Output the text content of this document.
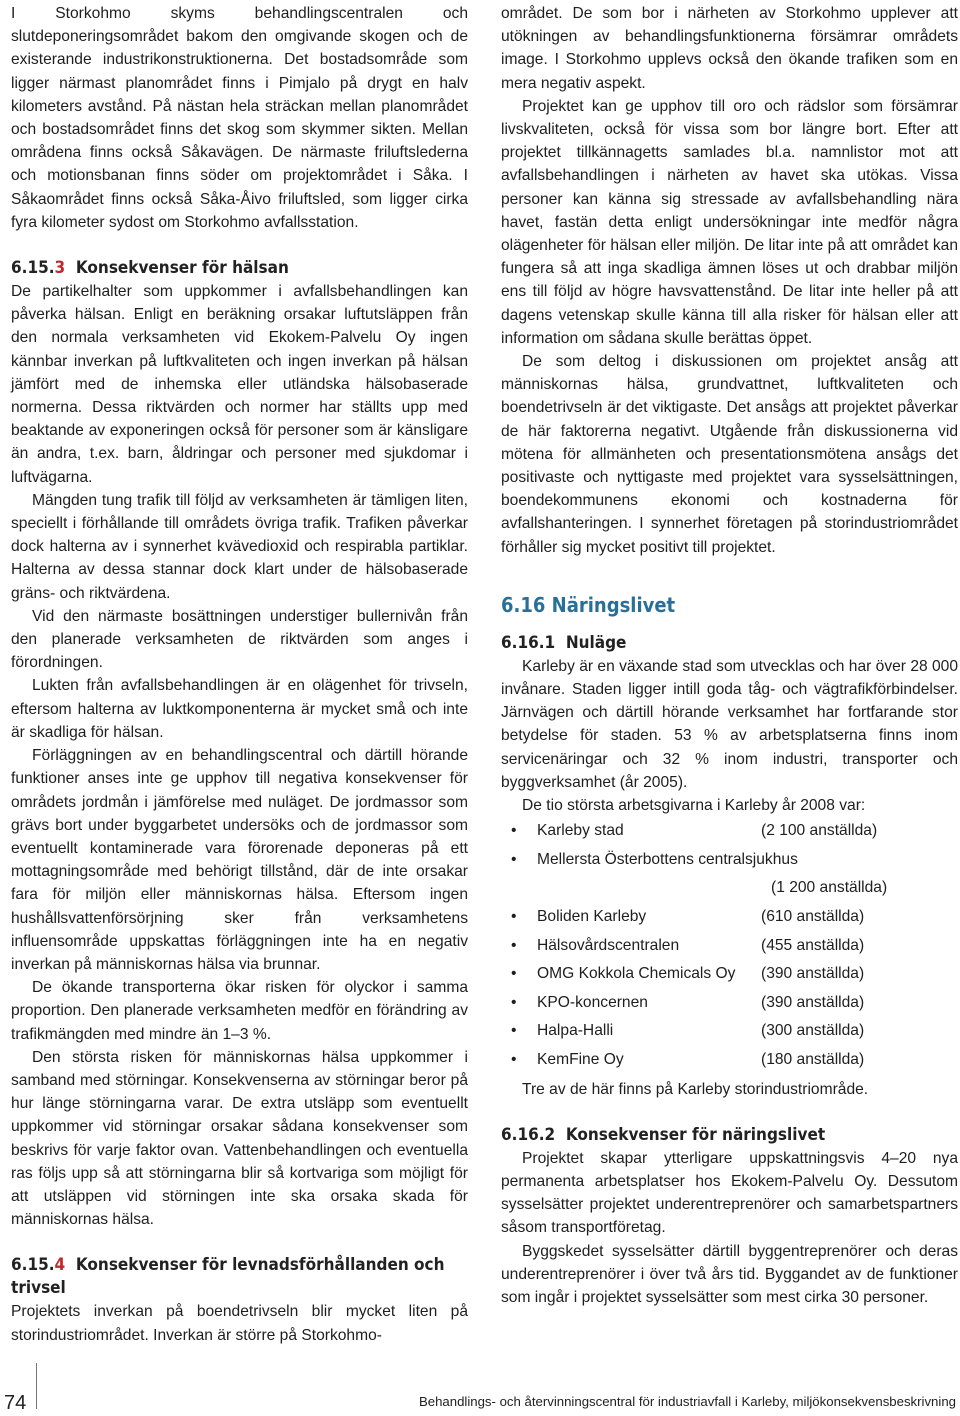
I Storkohmo skyms behandlingscentralen och slutdeponeringsområdet bakom den omgivande skogen och de existerande industrikonstruktionerna. Det bostadsområde som ligger närmast planområdet finns i Pimjalo på drygt en halv kilometers avstånd. På nästan hela sträckan mellan planområdet och bostadsområdet finns det skog som skymmer sikten. Mellan områdena finns också Såkavägen. De närmaste friluftslederna och motionsbanan finns söder om projektområdet i Såka. I Såkaområdet finns också Såka-Åivo friluftsled, som ligger cirka fyra kilometer sydost om Storkohmo avfallsstation.

6.15.3 Konsekvenser för hälsan

De partikelhalter som uppkommer i avfallsbehandlingen kan påverka hälsan. Enligt en beräkning orsakar luftutsläppen från den normala verksamheten vid Ekokem-Palvelu Oy ingen kännbar inverkan på luftkvaliteten och ingen inverkan på hälsan jämfört med de inhemska eller utländska hälsobaserade normerna. Dessa riktvärden och normer har ställts upp med beaktande av exponeringen också för personer som är känsligare än andra, t.ex. barn, åldringar och personer med sjukdomar i luftvägarna.

Mängden tung trafik till följd av verksamheten är tämligen liten, speciellt i förhållande till områdets övriga trafik. Trafiken påverkar dock halterna av i synnerhet kvävedioxid och respirabla partiklar. Halterna av dessa stannar dock klart under de hälsobaserade gräns- och riktvärdena.

Vid den närmaste bosättningen understiger bullernivån från den planerade verksamheten de riktvärden som anges i förordningen.

Lukten från avfallsbehandlingen är en olägenhet för trivseln, eftersom halterna av luktkomponenterna är mycket små och inte är skadliga för hälsan.

Förläggningen av en behandlingscentral och därtill hörande funktioner anses inte ge upphov till negativa konsekvenser för områdets jordmån i jämförelse med nuläget. De jordmassor som grävs bort under byggarbetet undersöks och de jordmassor som eventuellt kontaminerade vara förorenade deponeras på ett mottagningsområde med behörigt tillstånd, där de inte orsakar fara för miljön eller människornas hälsa. Eftersom ingen hushållsvattenförsörjning sker från verksamhetens influensområde uppskattas förläggningen inte ha en negativ inverkan på människornas hälsa via brunnar.

De ökande transporterna ökar risken för olyckor i samma proportion. Den planerade verksamheten medför en förändring av trafikmängden med mindre än 1–3 %.

Den största risken för människornas hälsa uppkommer i samband med störningar. Konsekvenserna av störningar beror på hur länge störningarna varar. De extra utsläpp som eventuellt uppkommer vid störningar orsakar sådana konsekvenser som beskrivs för varje faktor ovan. Vattenbehandlingen och eventuella ras följs upp så att störningarna blir så kortvariga som möjligt för att utsläppen vid störningen inte ska orsaka skada för människornas hälsa.

6.15.4 Konsekvenser för levnadsförhållanden och trivsel

Projektets inverkan på boendetrivseln blir mycket liten på storindustriområdet. Inverkan är större på Storkohmo-

området. De som bor i närheten av Storkohmo upplever att utökningen av behandlingsfunktionerna försämrar områdets image. I Storkohmo upplevs också den ökande trafiken som en mera negativ aspekt.

Projektet kan ge upphov till oro och rädslor som försämrar livskvaliteten, också för vissa som bor längre bort. Efter att projektet tillkännagetts samlades bl.a. namnlistor mot att avfallsbehandlingen i närheten av havet ska utökas. Vissa personer kan känna sig stressade av avfallsbehandling nära havet, fastän detta enligt undersökningar inte medför några olägenheter för hälsan eller miljön. De litar inte på att området kan fungera så att inga skadliga ämnen löses ut och drabbar miljön ens till följd av högre havsvattenstånd. De litar inte heller på att dagens vetenskap skulle känna till alla risker för hälsan eller att information om sådana skulle berättas öppet.

De som deltog i diskussionen om projektet ansåg att människornas hälsa, grundvattnet, luftkvaliteten och boendetrivseln är det viktigaste. Det ansågs att projektet påverkar de här faktorerna negativt. Utgående från diskussionerna vid mötena för allmänheten och presentationsmötena ansågs det positivaste och nyttigaste med projektet vara sysselsättningen, boendekommunens ekonomi och kostnaderna för avfallshanteringen. I synnerhet företagen på storindustriområdet förhåller sig mycket positivt till projektet.

6.16 Näringslivet

6.16.1 Nuläge

Karleby är en växande stad som utvecklas och har över 28 000 invånare. Staden ligger intill goda tåg- och vägtrafikförbindelser. Järnvägen och därtill hörande verksamhet har fortfarande stor betydelse för staden. 53 % av arbetsplatserna finns inom servicenäringar och 32 % inom industri, transporter och byggverksamhet (år 2005).

De tio största arbetsgivarna i Karleby år 2008 var:

•	Karleby stad	(2 100 anställda)
•	Mellersta Österbottens centralsjukhus
(1 200 anställda)
•	Boliden Karleby	(610 anställda)
•	Hälsovårdscentralen	(455 anställda)
•	OMG Kokkola Chemicals Oy	(390 anställda)
•	KPO-koncernen	(390 anställda)
•	Halpa-Halli	(300 anställda)
•	KemFine Oy	(180 anställda)

Tre av de här finns på Karleby storindustriområde.

6.16.2 Konsekvenser för näringslivet

Projektet skapar ytterligare uppskattningsvis 4–20 nya permanenta arbetsplatser hos Ekokem-Palvelu Oy. Dessutom sysselsätter projektet underentreprenörer och samarbetspartners såsom transportföretag.

Byggskedet sysselsätter därtill byggentreprenörer och deras underentreprenörer i över två års tid. Byggandet av de funktioner som ingår i projektet sysselsätter som mest cirka 30 personer.

74	Behandlings- och återvinningscentral för industriavfall i Karleby, miljökonsekvensbeskrivning
